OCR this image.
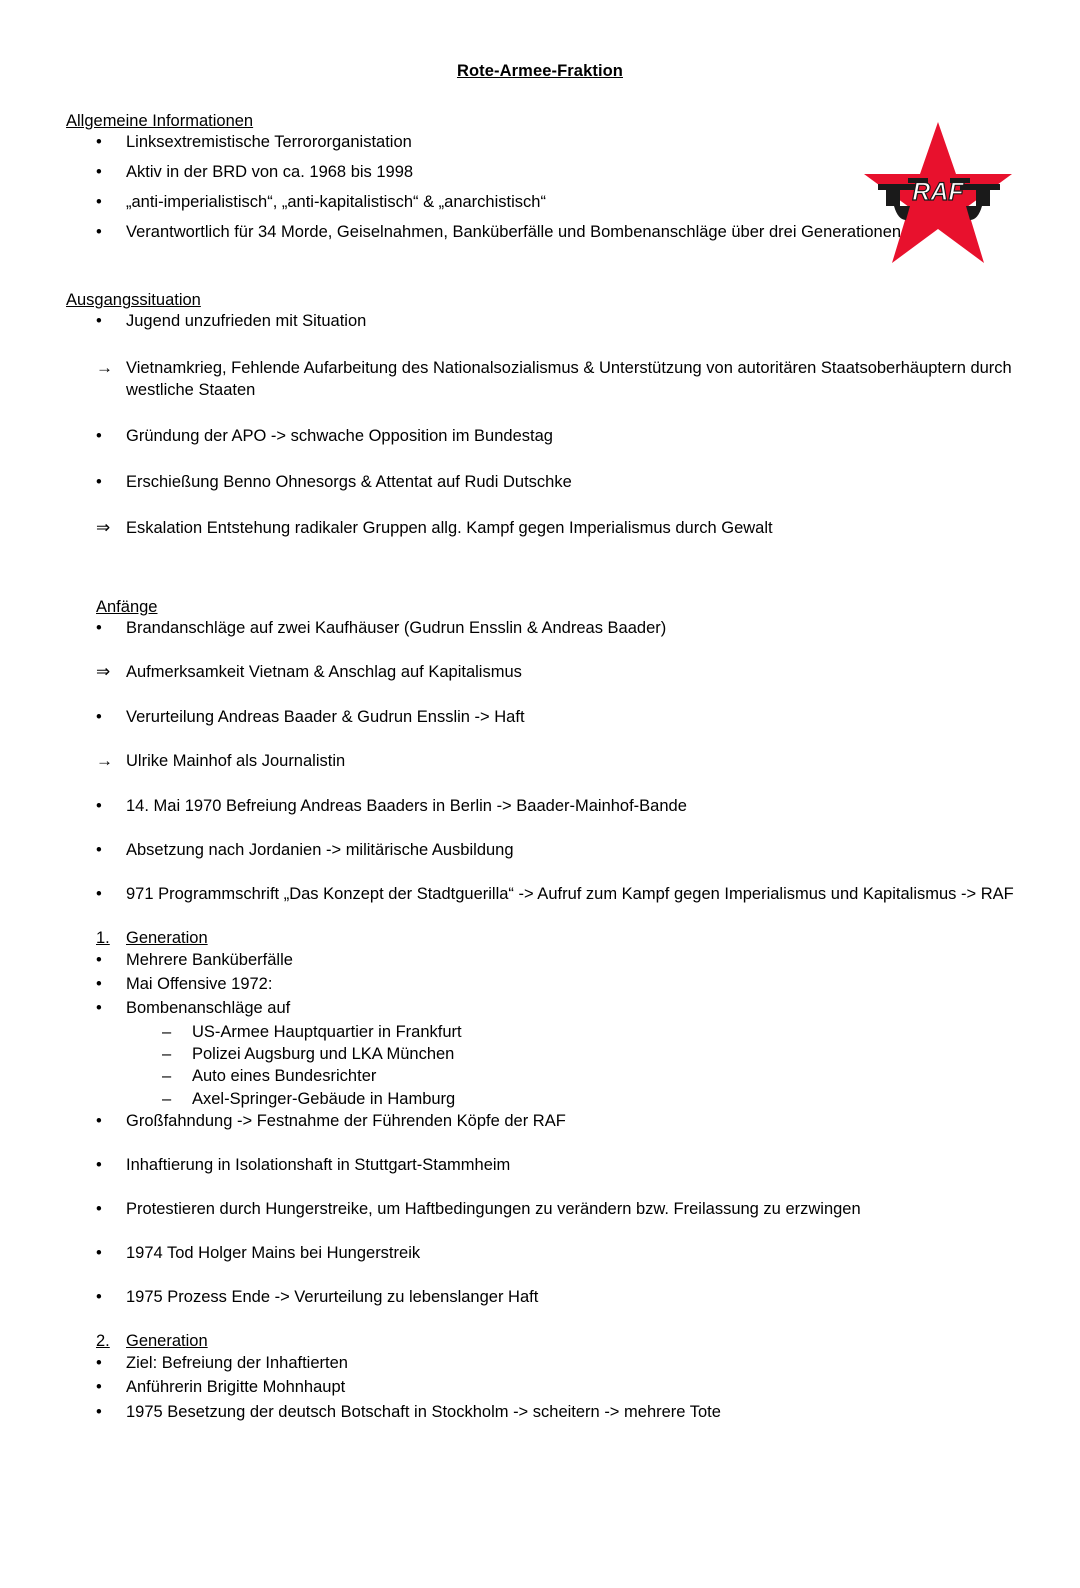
RAF
Rote-Armee-Fraktion
Allgemeine Informationen
•	Linksextremistische Terrororganistation
•	Aktiv in der BRD von ca. 1968 bis 1998
•	„anti-imperialistisch“, „anti-kapitalistisch“ & „anarchistisch“
•	Verantwortlich für 34 Morde, Geiselnahmen, Banküberfälle und Bombenanschläge über drei Generationen
Ausgangssituation
•	Jugend unzufrieden mit Situation
→ Vietnamkrieg, Fehlende Aufarbeitung des Nationalsozialismus & Unterstützung von autoritären Staatsoberhäuptern durch westliche Staaten
•	Gründung der APO -> schwache Opposition im Bundestag
•	Erschießung Benno Ohnesorgs & Attentat auf Rudi Dutschke
⇒ Eskalation Entstehung radikaler Gruppen allg. Kampf gegen Imperialismus durch Gewalt
Anfänge
•	Brandanschläge auf zwei Kaufhäuser (Gudrun Ensslin & Andreas Baader)
⇒ Aufmerksamkeit Vietnam & Anschlag auf Kapitalismus
•	Verurteilung Andreas Baader & Gudrun Ensslin -> Haft
→ Ulrike Mainhof als Journalistin
•	14. Mai 1970 Befreiung Andreas Baaders in Berlin -> Baader-Mainhof-Bande
•	Absetzung nach Jordanien -> militärische Ausbildung
•	971 Programmschrift „Das Konzept der Stadtguerilla“ -> Aufruf zum Kampf gegen Imperialismus und Kapitalismus -> RAF
1. Generation
•	Mehrere Banküberfälle
•	Mai Offensive 1972:
•	Bombenanschläge auf
–	US-Armee Hauptquartier in Frankfurt
–	Polizei Augsburg und LKA München
–	Auto eines Bundesrichter
–	Axel-Springer-Gebäude in Hamburg
•	Großfahndung -> Festnahme der Führenden Köpfe der RAF
•	Inhaftierung in Isolationshaft in Stuttgart-Stammheim
•	Protestieren durch Hungerstreike, um Haftbedingungen zu verändern bzw. Freilassung zu erzwingen
•	1974 Tod Holger Mains bei Hungerstreik
•	1975 Prozess Ende -> Verurteilung zu lebenslanger Haft
2. Generation
•	Ziel: Befreiung der Inhaftierten
•	Anführerin Brigitte Mohnhaupt
•	1975 Besetzung der deutsch Botschaft in Stockholm -> scheitern -> mehrere Tote
